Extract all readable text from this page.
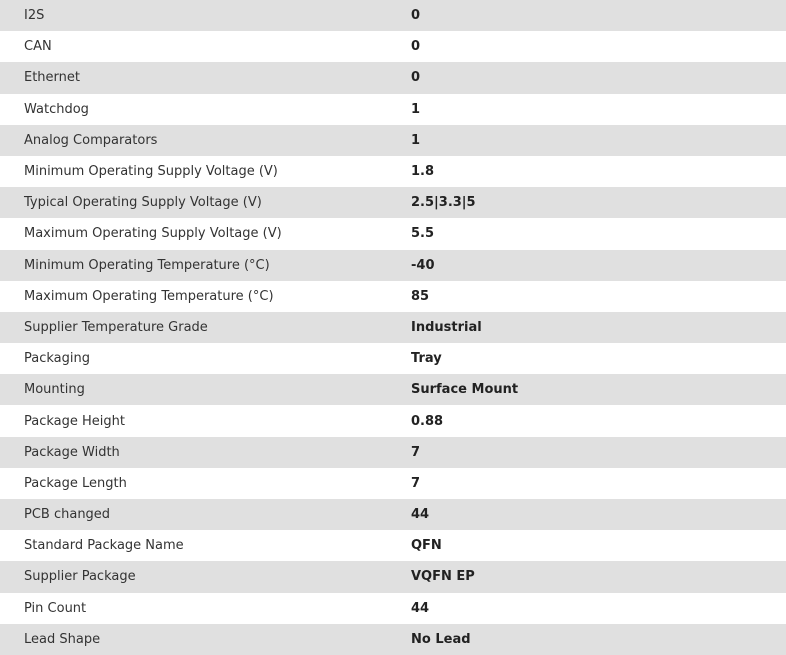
I2S	0
CAN	0
Ethernet	0
Watchdog	1
Analog Comparators	1
Minimum Operating Supply Voltage (V)	1.8
Typical Operating Supply Voltage (V)	2.5|3.3|5
Maximum Operating Supply Voltage (V)	5.5
Minimum Operating Temperature (°C)	-40
Maximum Operating Temperature (°C)	85
Supplier Temperature Grade	Industrial
Packaging	Tray
Mounting	Surface Mount
Package Height	0.88
Package Width	7
Package Length	7
PCB changed	44
Standard Package Name	QFN
Supplier Package	VQFN EP
Pin Count	44
Lead Shape	No Lead
